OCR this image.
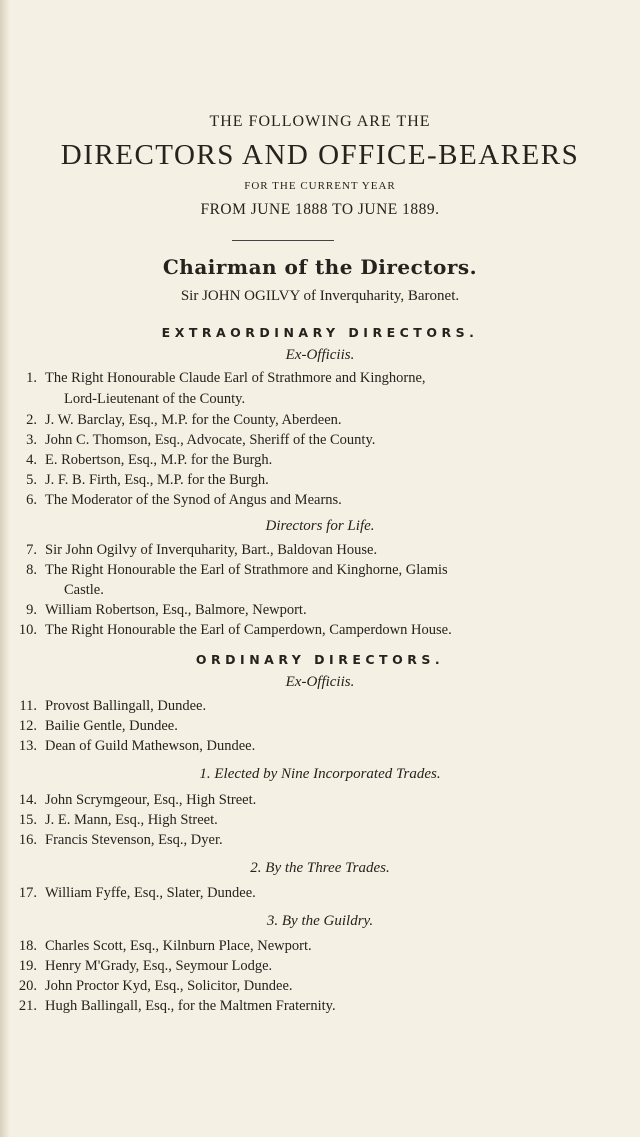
THE FOLLOWING ARE THE
DIRECTORS AND OFFICE-BEARERS
FOR THE CURRENT YEAR
FROM JUNE 1888 TO JUNE 1889.
Chairman of the Directors.
Sir JOHN OGILVY of Inverquharity, Baronet.
EXTRAORDINARY DIRECTORS.
Ex-Officiis.
1. The Right Honourable Claude Earl of Strathmore and Kinghorne,
Lord-Lieutenant of the County.
2. J. W. Barclay, Esq., M.P. for the County, Aberdeen.
3. John C. Thomson, Esq., Advocate, Sheriff of the County.
4. E. Robertson, Esq., M.P. for the Burgh.
5. J. F. B. Firth, Esq., M.P. for the Burgh.
6. The Moderator of the Synod of Angus and Mearns.
Directors for Life.
7. Sir John Ogilvy of Inverquharity, Bart., Baldovan House.
8. The Right Honourable the Earl of Strathmore and Kinghorne, Glamis
Castle.
9. William Robertson, Esq., Balmore, Newport.
10. The Right Honourable the Earl of Camperdown, Camperdown House.
ORDINARY DIRECTORS.
Ex-Officiis.
11. Provost Ballingall, Dundee.
12. Bailie Gentle, Dundee.
13. Dean of Guild Mathewson, Dundee.
1. Elected by Nine Incorporated Trades.
14. John Scrymgeour, Esq., High Street.
15. J. E. Mann, Esq., High Street.
16. Francis Stevenson, Esq., Dyer.
2. By the Three Trades.
17. William Fyffe, Esq., Slater, Dundee.
3. By the Guildry.
18. Charles Scott, Esq., Kilnburn Place, Newport.
19. Henry M'Grady, Esq., Seymour Lodge.
20. John Proctor Kyd, Esq., Solicitor, Dundee.
21. Hugh Ballingall, Esq., for the Maltmen Fraternity.
